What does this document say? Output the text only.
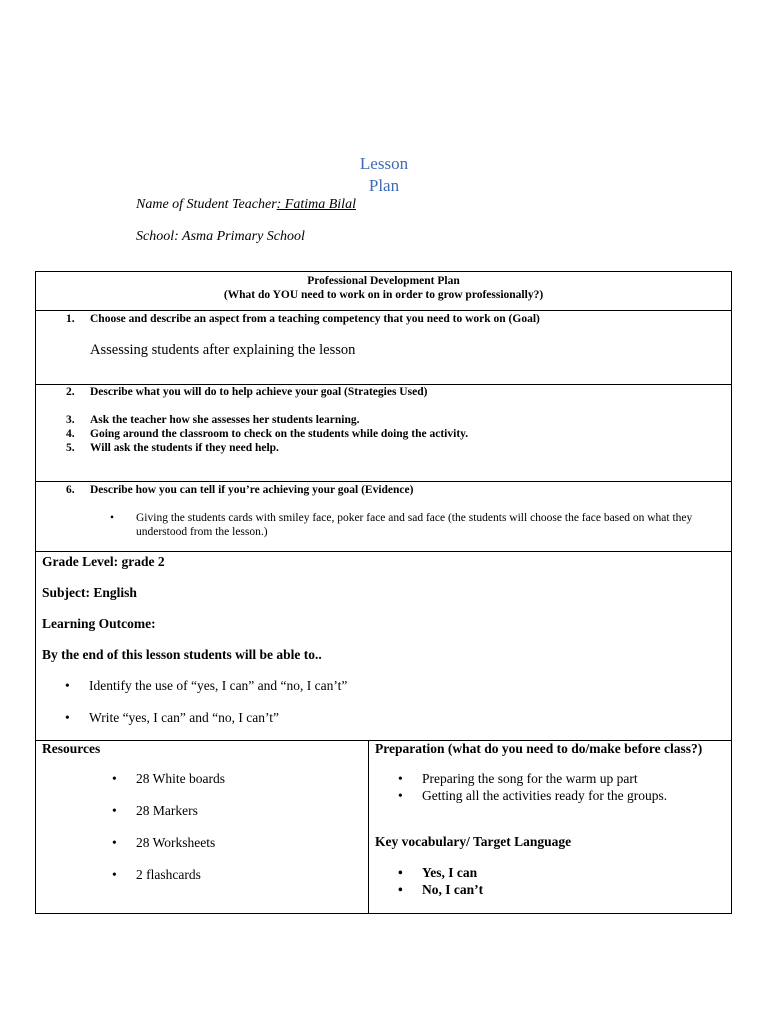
Lesson
Plan
Name of Student Teacher: Fatima Bilal
School: Asma Primary School
Professional Development Plan
(What do YOU need to work on in order to grow professionally?)
1. Choose and describe an aspect from a teaching competency that you need to work on (Goal)
Assessing students after explaining the lesson
2. Describe what you will do to help achieve your goal (Strategies Used)
3. Ask the teacher how she assesses her students learning.
4. Going around the classroom to check on the students while doing the activity.
5. Will ask the students if they need help.
6. Describe how you can tell if you’re achieving your goal (Evidence)
•	Giving the students cards with smiley face, poker face and sad face (the students will choose the face based on what they understood from the lesson.)
Grade Level: grade 2
Subject: English
Learning Outcome:
By the end of this lesson students will be able to..
• Identify the use of “yes, I can” and “no, I can’t”
• Write “yes, I can” and “no, I can’t”
Resources
• 28 White boards
• 28 Markers
• 28 Worksheets
• 2 flashcards
Preparation (what do you need to do/make before class?)
• Preparing the song for the warm up part
• Getting all the activities ready for the groups.
Key vocabulary/ Target Language
• Yes, I can
• No, I can’t
